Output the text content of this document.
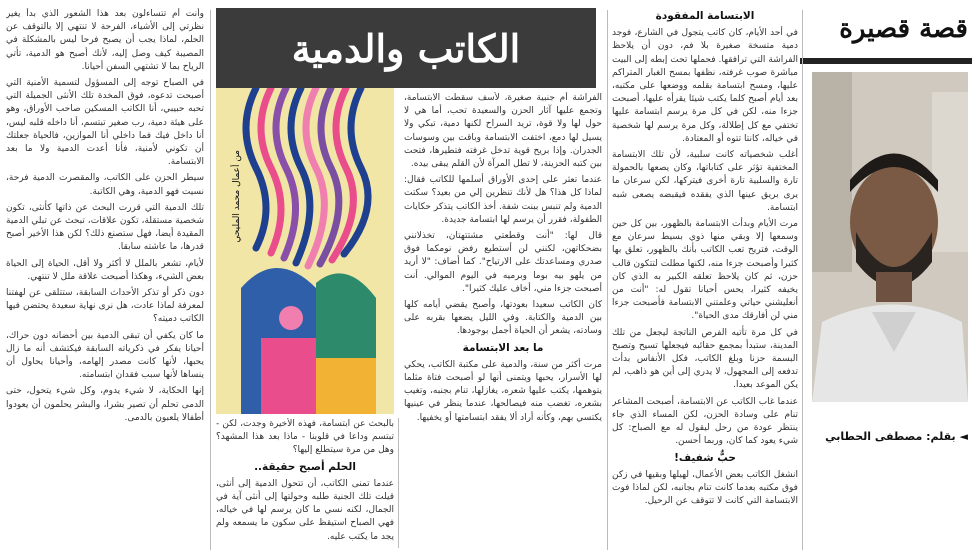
قصة قصيرة
◄ بقلم: مصطفى الحطابي
الابتسامة المفقودة

في أحد الأيام، كان كاتب يتجول في الشارع، فوجد دمية متسخة صغيرة بلا فم، دون أن يلاحظ الفراشة التي ترافقها. فحملها تحت إبطه إلى البيت مباشرة صوب غرفته، نظفها بمسح الغبار المتراكم عليها، ومسح ابتسامة بقلمه ووضعها على مكتبه، بعد أيام أصبح كلما يكتب شيئا يقرأه عليها، أصبحت جزءا منه، لكن في كل مرة يرسم ابتسامة عليها تختفي مع كل إطلالة، وكل مرة يرسم لها شخصية في خياله، كانتا تتوه أو المعتادة.

أغلب شخصياته كانت سلبية، لأن تلك الابتسامة المختفية تؤثر على كتاباتها، وكان يصعها بالحمولة تارة والسلبية تارة أخرى فيتركها، لكن سرعان ما يرى بريق عينها الذي يفقده فيقبضه يصعى شبه ابتسامة.

مرت الأيام وبدأت الابتسامة بالظهور، بين كل حين وسمعها إلا وبقي منها ذوي بسيط سرعان مع الوقت، فتريح تعب الكاتب بأنك بالظهور، تعلق بها كثيرا وأصبحت جزءا منه، لكنها مطلت لتتكون قالب حزن، ثم كان يلاحظ تعلقه الكبير به الذي كان يخيفه كثيرا، يحس أحيانا تقول له: "أنت من أنعليشني حياتي وعلمتني الابتسامة فأصبحت جزءا مني لن أفارقك مدى الحياة".

في كل مرة تأتيه الفرص الناتجة ليجعل من تلك المدينة، ستبدأ بمجمع حقائبه فيجعلها تسيح وتصبح البسمة حزنا وبلغ الكاتب، فكل الأنفاس بدأت تدفعه إلى المجهول، لا يدري إلى أين هو ذاهب، لم يكن الموعد بعيدا.

عندما غاب الكاتب عن الابتسامة، أصبحت المشاعر تنام على وسادة الحزن، لكن المساء الذي جاء ينتظر عودة من رحل ليقول له مع الصباح: كل شيء يعود كما كان، وربما أحسن.

حبٌّ شفيف!

انشغل الكاتب بعض الأعمال، لهيلها وبقيها في زكن فوق مكتبه بعدما كانت تنام بجانبه، لكن لماذا فوت الابتسامة التي كانت لا تتوقف عن الرحيل.

الكاتب والدمية
من أعمال محمد المليحي

الفراشة أم جنبية صغيرة، لأسف سقطت الابتسامة، وتجمع عليها آثار الحزن والسعيدة تحب، أما هي لا حول لها ولا قوة، تريد السراح لكنها دمية، تبكي ولا يسيل لها دمع، اختفت الابتسامة وباقت بين وسوسات الجدران. وإذا بريح قوية تدخل غرفته فتطيرها، فتحت بين كتبه الحزينة، لا تطل المرآة لأن القلم يبقى بيده.

عندما تعثر على إحدى الأوراق أسلمها للكاتب فقال: لماذا كل هذا؟ هل لأنك تنظرين إلي من بعيد؟ سكتت الدمية ولم تنبس ببنت شفة. أخذ الكاتب يتذكر حكايات الطفولة، فقرر أن يرسم لها ابتسامة جديدة.

قال لها: "أنت وقطعتي مشتتهتان، تخذلانني بضحكاتهن، لكنني لن أستطيع رفض نومكما فوق صدري ومساعدتك على الارتياح". كما أضاف: "لا أريد من يلهو بيه بوما وبرميه في اليوم الموالي. أنت أصبحت جزءا مني، أخاف عليك كثيرا".

كان الكاتب سعيدا بعودتها، وأصبح يقضي أيامه كلها بين الدمية والكتابة. وفي الليل يضعها بقربه على وسادته، يشعر أن الحياة أجمل بوجودها.

ما بعد الابتسامة

مرت أكثر من سنة، والدمية على مكتبة الكاتب، يحكي لها الأسرار، يحبها ويتمنى أنها لو أصبحت فتاة مثلما يتوهمها، يكتب عليها شعره، يغازلها، تنام بجنبه، وتغيب بشعره، تغضب منه فيصالحها، عندما ينظر في عينيها يكتسي بهم، وكأنه أراد ألا يفقد ابتسامتها أو يخفيها.

بالبحث عن ابتسامة، فهذه الأخيرة وجدت، لكن - تبتسم وداعا في قلوبنا - ماذا بعد هذا المشهد؟ وهل من مرة سيتطلع إليها؟

الحلم أصبح حقيقة..

عندما تمنى الكاتب، أن تتحول الدمية إلى أنثى، قيلت تلك الجنية طلبه وحولتها إلى أنثى آية في الجمال، لكنه نسي ما كان يرسم لها في خياله، فهي الصباح استيقظ على سكون ما يسمعه ولم يجد ما يكتب عليه.

وأنت أم تتساءلون بعد هذا الشعور الذي بدأ يغير نظرتي إلى الأشياء، الفرحة لا تنتهي إلا بالتوقف عن الحلم، لماذا يجب أن يصبح فرحا ليس بالمشكلة في المصيبة كيف وصل إليه، لأنك أصبح هو الدمية، تأتي الرياح بما لا تشتهي السفن أحيانا.

في الصباح توجه إلى المسؤول لتسمية الأمنية التي أصبحت تدعوه، فوق المخدة تلك الأنثى الجميلة التي تحبه حبيبي، أنا الكاتب المسكين صاحب الأوراق، وهو على هيئة دمية، رب صغير تبتسم، أنا داخله قلبه ليس، أنا داخل فيك فما داخلي أنا الموازين، فالحياة جعلتك أن تكوني لأمنية، فأنا أعدت الدمية ولا ما بعد الابتسامة.

سيطر الحزن على الكاتب، والمقصرت الدمية فرحة، نسيت فهو الدمية، وهي الكاتبة.

تلك الدمية التي قررت البحث عن ذاتها كأنثى، تكون شخصية مستقلة، تكون علاقات، تبحث عن تبلي الدمية المقيدة أيضا، فهل ستصنع ذلك؟ لكن هذا الأخير أصبح قدرها، ما عاشته سابقا.

لأيام، تشعر بالملل لا أكثر ولا أقل، الحياة إلى الحياة بعض الشيء، وهكذا أصبحت علاقة ملل لا تنتهي.

دون ذكر أو تذكر الأحداث السابقة، ستتلقى عن لهفتنا لمعرفة لماذا عادت، هل نرى نهاية سعيدة يحتضن فيها الكاتب دميته؟

ما كان يكفي أن تبقى الدمية بين أحضانه دون حراك، أحيانا يفكر في ذكرياته السابقة فيكتشف أنه ما زال يحبها، لأنها كانت مصدر إلهامه، وأحيانا يحاول أن ينساها لأنها سبب فقدان ابتسامته.

إنها الحكاية، لا شيء يدوم، وكل شيء يتحول، حتى الدمى تحلم أن تصير بشرا، والبشر يحلمون أن يعودوا أطفالا يلعبون بالدمى.
